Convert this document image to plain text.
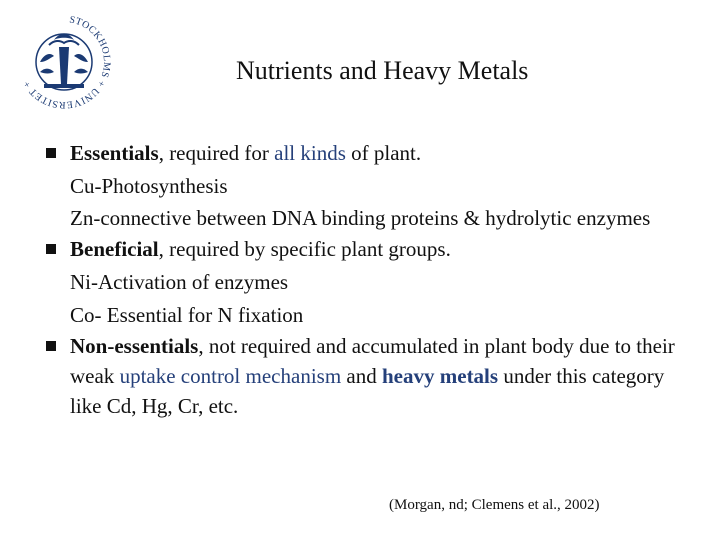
STOCKHOLMS + UNIVERSITET +	Nutrients and Heavy Metals
Essentials, required for all kinds of plant.
Cu-Photosynthesis
Zn-connective between DNA binding proteins & hydrolytic enzymes
Beneficial, required by specific plant groups.
Ni-Activation of enzymes
Co- Essential for N fixation
Non-essentials, not required and accumulated in plant body due to their weak uptake control mechanism and heavy metals under this category like Cd, Hg, Cr, etc.
(Morgan, nd; Clemens et al., 2002)
